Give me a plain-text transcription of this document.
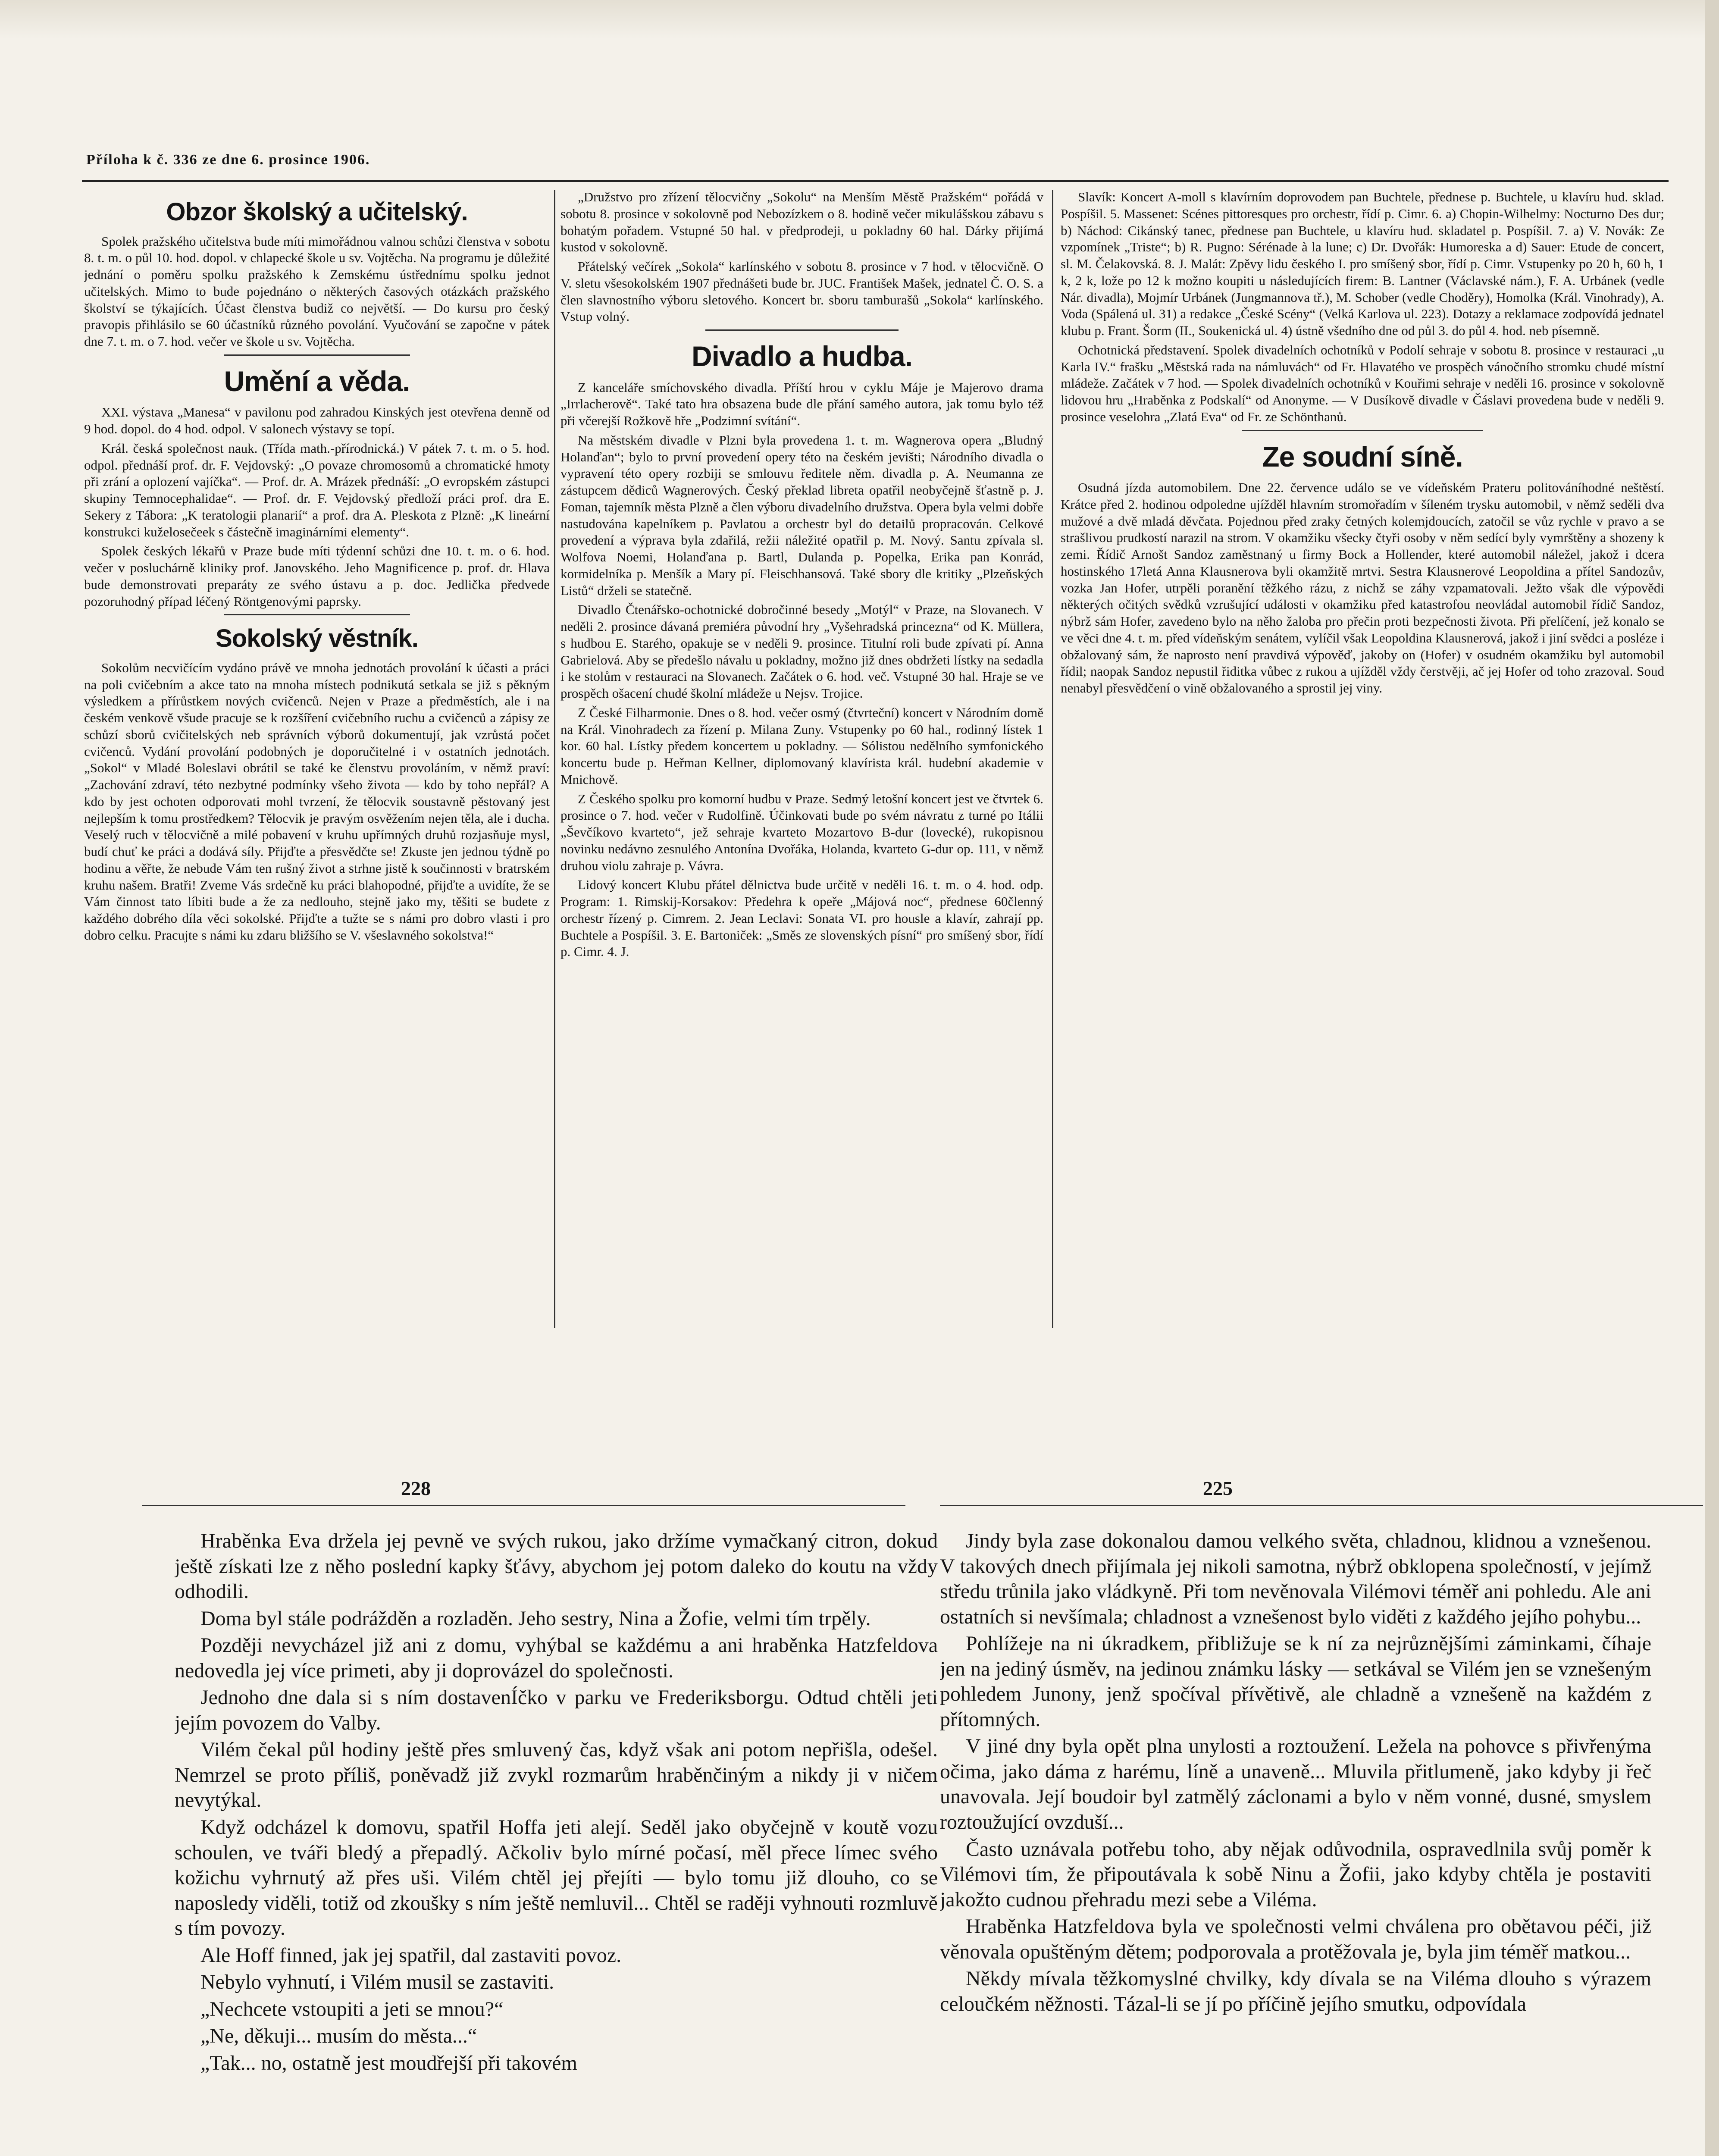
Příloha k č. 336 ze dne 6. prosince 1906.
Obzor školský a učitelský.

Spolek pražského učitelstva bude míti mimořádnou valnou schůzi členstva v sobotu 8. t. m. o půl 10. hod. dopol. v chlapecké škole u sv. Vojtěcha. Na programu je důležité jednání o poměru spolku pražského k Zemskému ústřednímu spolku jednot učitelských. Mimo to bude pojednáno o některých časových otázkách pražského školství se týkajících. Účast členstva budiž co největší. — Do kursu pro český pravopis přihlásilo se 60 účastníků různého povolání. Vyučování se započne v pátek dne 7. t. m. o 7. hod. večer ve škole u sv. Vojtěcha.

Umění a věda.

XXI. výstava „Manesa“ v pavilonu pod zahradou Kinských jest otevřena denně od 9 hod. dopol. do 4 hod. odpol. V salonech výstavy se topí.

Král. česká společnost nauk. (Třída math.-přírodnická.) V pátek 7. t. m. o 5. hod. odpol. přednáší prof. dr. F. Vejdovský: „O povaze chromosomů a chromatické hmoty při zrání a oplození vajíčka“. — Prof. dr. A. Mrázek přednáší: „O evropském zástupci skupiny Temnocephalidae“. — Prof. dr. F. Vejdovský předloží práci prof. dra E. Sekery z Tábora: „K teratologii planarií“ a prof. dra A. Pleskota z Plzně: „K lineární konstrukci kuželosečeek s částečně imaginárními elementy“.

Spolek českých lékařů v Praze bude míti týdenní schůzi dne 10. t. m. o 6. hod. večer v posluchárně kliniky prof. Janovského. Jeho Magnificence p. prof. dr. Hlava bude demonstrovati preparáty ze svého ústavu a p. doc. Jedlička předvede pozoruhodný případ léčený Röntgenovými paprsky.

Sokolský věstník.

Sokolům necvičícím vydáno právě ve mnoha jednotách provolání k účasti a práci na poli cvičebním a akce tato na mnoha místech podnikutá setkala se již s pěkným výsledkem a přírůstkem nových cvičenců. Nejen v Praze a předměstích, ale i na českém venkově všude pracuje se k rozšíření cvičebního ruchu a cvičenců a zápisy ze schůzí sborů cvičitelských neb správních výborů dokumentují, jak vzrůstá počet cvičenců. Vydání provolání podobných je doporučitelné i v ostatních jednotách. „Sokol“ v Mladé Boleslavi obrátil se také ke členstvu provoláním, v němž praví: „Zachování zdraví, této nezbytné podmínky všeho života — kdo by toho nepřál? A kdo by jest ochoten odporovati mohl tvrzení, že tělocvik soustavně pěstovaný jest nejlepším k tomu prostředkem? Tělocvik je pravým osvěžením nejen těla, ale i ducha. Veselý ruch v tělocvičně a milé pobavení v kruhu upřímných druhů rozjasňuje mysl, budí chuť ke práci a dodává síly. Přijďte a přesvědčte se! Zkuste jen jednou týdně po hodinu a věřte, že nebude Vám ten rušný život a strhne jistě k součinnosti v bratrském kruhu našem. Bratři! Zveme Vás srdečně ku práci blahopodné, přijďte a uvidíte, že se Vám činnost tato líbiti bude a že za nedlouho, stejně jako my, těšiti se budete z každého dobrého díla věci sokolské. Přijďte a tužte se s námi pro dobro vlasti i pro dobro celku. Pracujte s námi ku zdaru bližšího se V. všeslavného sokolstva!“

„Družstvo pro zřízení tělocvičny „Sokolu“ na Menším Městě Pražském“ pořádá v sobotu 8. prosince v sokolovně pod Nebozízkem o 8. hodině večer mikulášskou zábavu s bohatým pořadem. Vstupné 50 hal. v předprodeji, u pokladny 60 hal. Dárky přijímá kustod v sokolovně.

Přátelský večírek „Sokola“ karlínského v sobotu 8. prosince v 7 hod. v tělocvičně. O V. sletu všesokolském 1907 přednášeti bude br. JUC. František Mašek, jednatel Č. O. S. a člen slavnostního výboru sletového. Koncert br. sboru tamburašů „Sokola“ karlínského. Vstup volný.

Divadlo a hudba.

Z kanceláře smíchovského divadla. Příští hrou v cyklu Máje je Majerovo drama „Irrlacherově“. Také tato hra obsazena bude dle přání samého autora, jak tomu bylo též při včerejší Rožkově hře „Podzimní svítání“.

Na městském divadle v Plzni byla provedena 1. t. m. Wagnerova opera „Bludný Holanďan“; bylo to první provedení opery této na českém jevišti; Národního divadla o vypravení této opery rozbiji se smlouvu ředitele něm. divadla p. A. Neumanna ze zástupcem dědiců Wagnerových. Český překlad libreta opatřil neobyčejně šťastně p. J. Foman, tajemník města Plzně a člen výboru divadelního družstva. Opera byla velmi dobře nastudována kapelníkem p. Pavlatou a orchestr byl do detailů propracován. Celkové provedení a výprava byla zdařilá, režii náležité opatřil p. M. Nový. Santu zpívala sl. Wolfova Noemi, Holanďana p. Bartl, Dulanda p. Popelka, Erika pan Konrád, kormidelníka p. Menšík a Mary pí. Fleischhansová. Také sbory dle kritiky „Plzeňských Listů“ drželi se statečně.

Divadlo Čtenářsko-ochotnické dobročinné besedy „Motýl“ v Praze, na Slovanech. V neděli 2. prosince dávaná premiéra původní hry „Vyšehradská princezna“ od K. Müllera, s hudbou E. Starého, opakuje se v neděli 9. prosince. Titulní roli bude zpívati pí. Anna Gabrielová. Aby se předešlo návalu u pokladny, možno již dnes obdržeti lístky na sedadla i ke stolům v restauraci na Slovanech. Začátek o 6. hod. več. Vstupné 30 hal. Hraje se ve prospěch ošacení chudé školní mládeže u Nejsv. Trojice.

Z České Filharmonie. Dnes o 8. hod. večer osmý (čtvrteční) koncert v Národním domě na Král. Vinohradech za řízení p. Milana Zuny. Vstupenky po 60 hal., rodinný lístek 1 kor. 60 hal. Lístky předem koncertem u pokladny. — Sólistou nedělního symfonického koncertu bude p. Heřman Kellner, diplomovaný klavírista král. hudební akademie v Mnichově.

Z Českého spolku pro komorní hudbu v Praze. Sedmý letošní koncert jest ve čtvrtek 6. prosince o 7. hod. večer v Rudolfině. Účinkovati bude po svém návratu z turné po Itálii „Ševčíkovo kvarteto“, jež sehraje kvarteto Mozartovo B-dur (lovecké), rukopisnou novinku nedávno zesnulého Antonína Dvořáka, Holanda, kvarteto G-dur op. 111, v němž druhou violu zahraje p. Vávra.

Lidový koncert Klubu přátel dělnictva bude určitě v neděli 16. t. m. o 4. hod. odp. Program: 1. Rimskij-Korsakov: Předehra k opeře „Májová noc“, přednese 60členný orchestr řízený p. Cimrem. 2. Jean Leclavi: Sonata VI. pro housle a klavír, zahrají pp. Buchtele a Pospíšil. 3. E. Bartoniček: „Směs ze slovenských písní“ pro smíšený sbor, řídí p. Cimr. 4. J.

Slavík: Koncert A-moll s klavírním doprovodem pan Buchtele, přednese p. Buchtele, u klavíru hud. sklad. Pospíšil. 5. Massenet: Scénes pittoresques pro orchestr, řídí p. Cimr. 6. a) Chopin-Wilhelmy: Nocturno Des dur; b) Náchod: Cikánský tanec, přednese pan Buchtele, u klavíru hud. skladatel p. Pospíšil. 7. a) V. Novák: Ze vzpomínek „Triste“; b) R. Pugno: Sérénade à la lune; c) Dr. Dvořák: Humoreska a d) Sauer: Etude de concert, sl. M. Čelakovská. 8. J. Malát: Zpěvy lidu českého I. pro smíšený sbor, řídí p. Cimr. Vstupenky po 20 h, 60 h, 1 k, 2 k, lože po 12 k možno koupiti u následujících firem: B. Lantner (Václavské nám.), F. A. Urbánek (vedle Nár. divadla), Mojmír Urbánek (Jungmannova tř.), M. Schober (vedle Choděry), Homolka (Král. Vinohrady), A. Voda (Spálená ul. 31) a redakce „České Scény“ (Velká Karlova ul. 223). Dotazy a reklamace zodpovídá jednatel klubu p. Frant. Šorm (II., Soukenická ul. 4) ústně všedního dne od půl 3. do půl 4. hod. neb písemně.

Ochotnická představení. Spolek divadelních ochotníků v Podolí sehraje v sobotu 8. prosince v restauraci „u Karla IV.“ frašku „Městská rada na námluvách“ od Fr. Hlavatého ve prospěch vánočního stromku chudé místní mládeže. Začátek v 7 hod. — Spolek divadelních ochotníků v Kouřimi sehraje v neděli 16. prosince v sokolovně lidovou hru „Hraběnka z Podskalí“ od Anonyme. — V Dusíkově divadle v Čáslavi provedena bude v neděli 9. prosince veselohra „Zlatá Eva“ od Fr. ze Schönthanů.

Ze soudní síně.

Osudná jízda automobilem. Dne 22. července událo se ve vídeňském Prateru politováníhodné neštěstí. Krátce před 2. hodinou odpoledne ujížděl hlavním stromořadím v šíleném trysku automobil, v němž seděli dva mužové a dvě mladá děvčata. Pojednou před zraky četných kolemjdoucích, zatočil se vůz rychle v pravo a se strašlivou prudkostí narazil na strom. V okamžiku všecky čtyři osoby v něm sedící byly vymrštěny a shozeny k zemi. Řídič Arnošt Sandoz zaměstnaný u firmy Bock a Hollender, které automobil náležel, jakož i dcera hostinského 17letá Anna Klausnerova byli okamžitě mrtvi. Sestra Klausnerové Leopoldina a přítel Sandozův, vozka Jan Hofer, utrpěli poranění těžkého rázu, z nichž se záhy vzpamatovali. Ježto však dle výpovědi některých očitých svědků vzrušující události v okamžiku před katastrofou neovládal automobil řídič Sandoz, nýbrž sám Hofer, zavedeno bylo na něho žaloba pro přečin proti bezpečnosti života. Při přelíčení, jež konalo se ve věci dne 4. t. m. před vídeňským senátem, vylíčil však Leopoldina Klausnerová, jakož i jiní svědci a posléze i obžalovaný sám, že naprosto není pravdivá výpověď, jakoby on (Hofer) v osudném okamžiku byl automobil řídil; naopak Sandoz nepustil řiditka vůbec z rukou a ujížděl vždy čerstvěji, ač jej Hofer od toho zrazoval. Soud nenabyl přesvědčení o vině obžalovaného a sprostil jej viny.

228	225

Hraběnka Eva držela jej pevně ve svých rukou, jako držíme vymačkaný citron, dokud ještě získati lze z něho poslední kapky šťávy, abychom jej potom daleko do koutu na vždy odhodili.

Doma byl stále podrážděn a rozladěn. Jeho sestry, Nina a Žofie, velmi tím trpěly.

Později nevycházel již ani z domu, vyhýbal se každému a ani hraběnka Hatzfeldova nedovedla jej více primeti, aby ji doprovázel do společnosti.

Jednoho dne dala si s ním dostavenÍčko v parku ve Frederiksborgu. Odtud chtěli jeti jejím povozem do Valby.

Vilém čekal půl hodiny ještě přes smluvený čas, když však ani potom nepřišla, odešel. Nemrzel se proto příliš, poněvadž již zvykl rozmarům hraběnčiným a nikdy ji v ničem nevytýkal.

Když odcházel k domovu, spatřil Hoffa jeti alejí. Seděl jako obyčejně v koutě vozu schoulen, ve tváři bledý a přepadlý. Ačkoliv bylo mírné počasí, měl přece límec svého kožichu vyhrnutý až přes uši. Vilém chtěl jej přejíti — bylo tomu již dlouho, co se naposledy viděli, totiž od zkoušky s ním ještě nemluvil... Chtěl se raději vyhnouti rozmluvě s tím povozy.

Ale Hoff finned, jak jej spatřil, dal zastaviti povoz.

Nebylo vyhnutí, i Vilém musil se zastaviti.

„Nechcete vstoupiti a jeti se mnou?“

„Ne, děkuji... musím do města...“

„Tak... no, ostatně jest moudřejší při takovém

Jindy byla zase dokonalou damou velkého světa, chladnou, klidnou a vznešenou. V takových dnech přijímala jej nikoli samotna, nýbrž obklopena společností, v jejímž středu trůnila jako vládkyně. Při tom nevěnovala Vilémovi téměř ani pohledu. Ale ani ostatních si nevšímala; chladnost a vznešenost bylo viděti z každého jejího pohybu...

Pohlížeje na ni úkradkem, přibližuje se k ní za nejrůznějšími záminkami, číhaje jen na jediný úsměv, na jedinou známku lásky — setkával se Vilém jen se vznešeným pohledem Junony, jenž spočíval přívětivě, ale chladně a vznešeně na každém z přítomných.

V jiné dny byla opět plna unylosti a roztoužení. Ležela na pohovce s přivřenýma očima, jako dáma z harému, líně a unaveně... Mluvila přitlumeně, jako kdyby ji řeč unavovala. Její boudoir byl zatmělý záclonami a bylo v něm vonné, dusné, smyslem roztoužující ovzduší...

Často uznávala potřebu toho, aby nějak odůvodnila, ospravedlnila svůj poměr k Vilémovi tím, že připoutávala k sobě Ninu a Žofii, jako kdyby chtěla je postaviti jakožto cudnou přehradu mezi sebe a Viléma.

Hraběnka Hatzfeldova byla ve společnosti velmi chválena pro obětavou péči, již věnovala opuštěným dětem; podporovala a protěžovala je, byla jim téměř matkou...

Někdy mívala těžkomyslné chvilky, kdy dívala se na Viléma dlouho s výrazem celoučkém něžnosti. Tázal-li se jí po příčině jejího smutku, odpovídala
